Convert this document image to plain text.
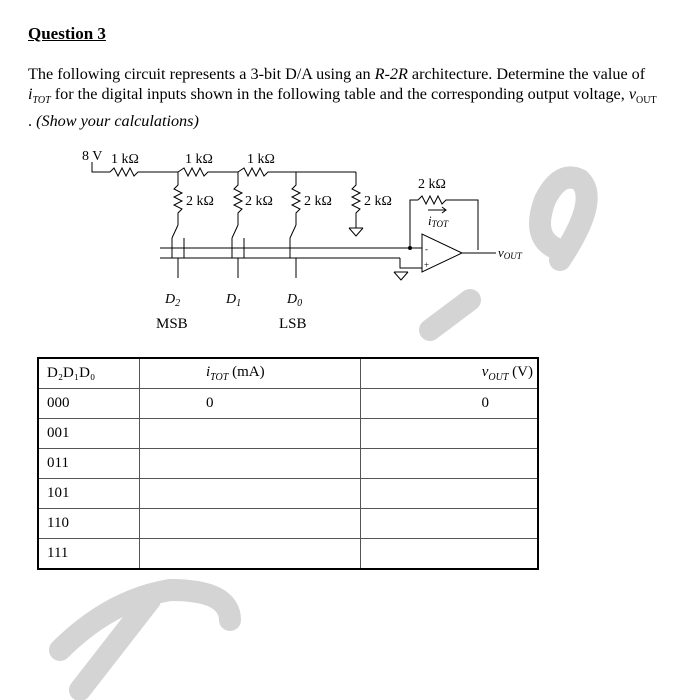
Question 3
The following circuit represents a 3-bit D/A using an R-2R architecture. Determine the value of $i_{TOT}$ for the digital inputs shown in the following table and the corresponding output voltage, $v_{OUT}$ . (Show your calculations)
-
+
8 V 1 kΩ	1 kΩ 1 kΩ
2 kΩ 2 kΩ 2 kΩ 2 kΩ
2 kΩ
iTOT
vOUT
$D_2$	$D_1$	$D_0$
MSB	LSB
D₂D₁D₀	$i_{TOT}$ (mA)	$v_{OUT}$ (V)
000	0	0
001		
011		
101		
110		
111		
